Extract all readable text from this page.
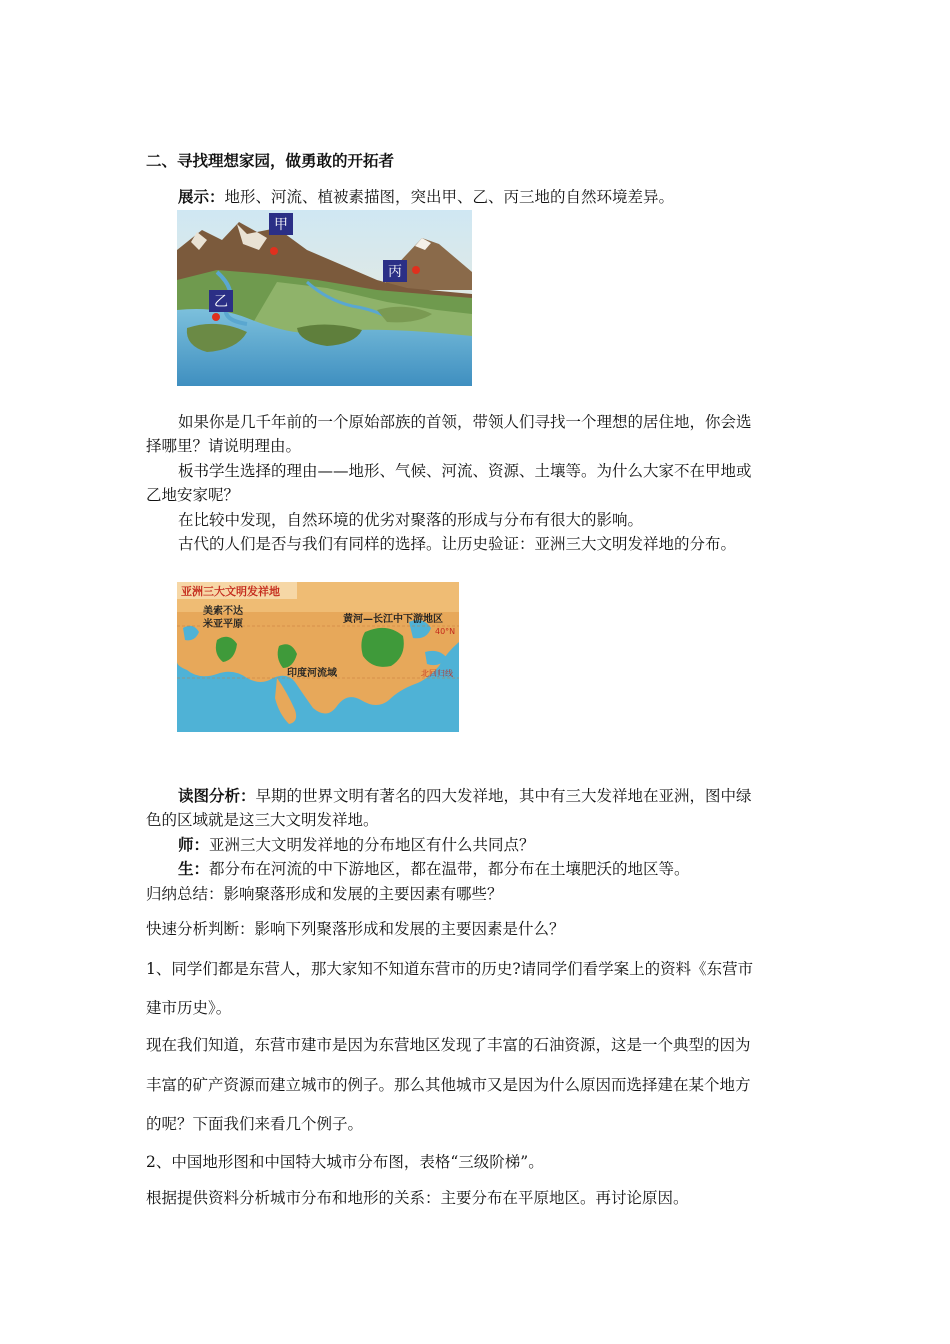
二、寻找理想家园，做勇敢的开拓者
展示：地形、河流、植被素描图，突出甲、乙、丙三地的自然环境差异。
甲
丙
乙
如果你是几千年前的一个原始部族的首领，带领人们寻找一个理想的居住地，你会选
择哪里？请说明理由。
板书学生选择的理由——地形、气候、河流、资源、土壤等。为什么大家不在甲地或
乙地安家呢？
在比较中发现，自然环境的优劣对聚落的形成与分布有很大的影响。
古代的人们是否与我们有同样的选择。让历史验证：亚洲三大文明发祥地的分布。
亚洲三大文明发祥地
美索不达
米亚平原	黄河—长江中下游地区
印度河流域
40°N
北回归线
读图分析：早期的世界文明有著名的四大发祥地，其中有三大发祥地在亚洲，图中绿
色的区域就是这三大文明发祥地。
师：亚洲三大文明发祥地的分布地区有什么共同点？
生：都分布在河流的中下游地区，都在温带，都分布在土壤肥沃的地区等。
归纳总结：影响聚落形成和发展的主要因素有哪些？
快速分析判断：影响下列聚落形成和发展的主要因素是什么？
1、同学们都是东营人，那大家知不知道东营市的历史?请同学们看学案上的资料《东营市
建市历史》。
现在我们知道，东营市建市是因为东营地区发现了丰富的石油资源，这是一个典型的因为
丰富的矿产资源而建立城市的例子。那么其他城市又是因为什么原因而选择建在某个地方
的呢？下面我们来看几个例子。
2、中国地形图和中国特大城市分布图，表格“三级阶梯”。
根据提供资料分析城市分布和地形的关系：主要分布在平原地区。再讨论原因。
